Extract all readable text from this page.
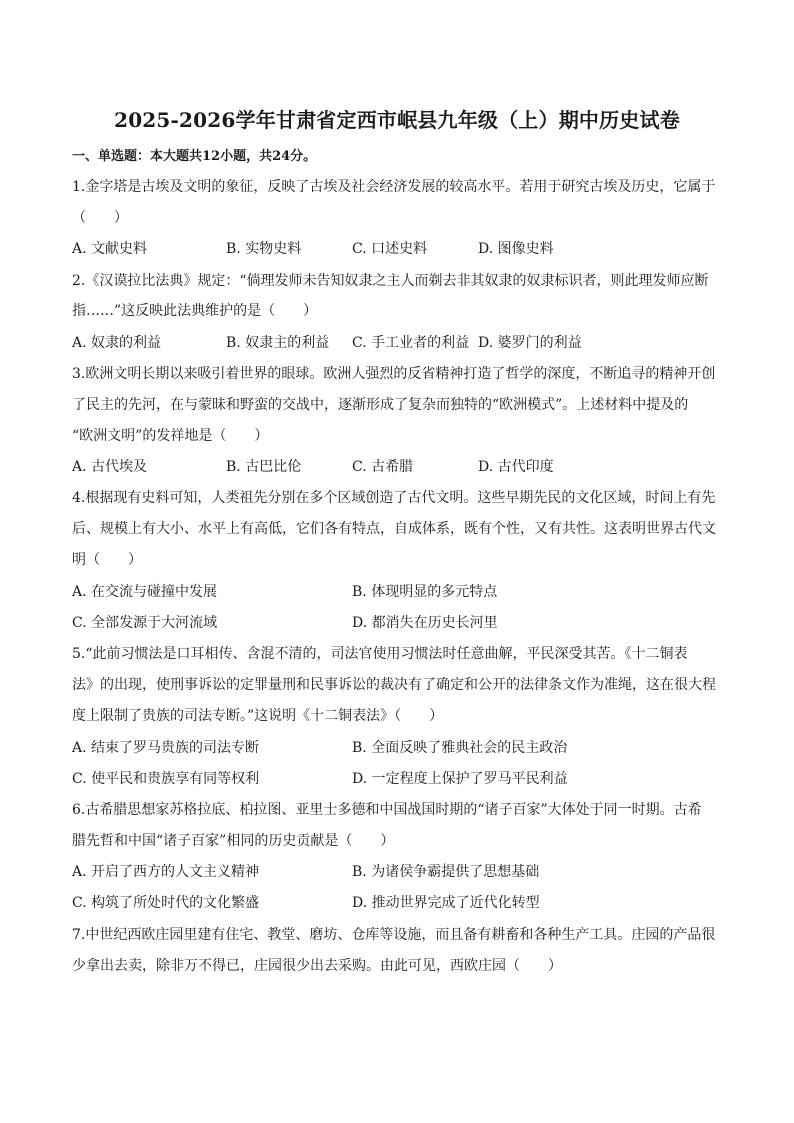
2025-2026学年甘肃省定西市岷县九年级（上）期中历史试卷
一、单选题：本大题共12小题，共24分。
1.金字塔是古埃及文明的象征，反映了古埃及社会经济发展的较高水平。若用于研究古埃及历史，它属于
（　　）
A. 文献史料	B. 实物史料	C. 口述史料	D. 图像史料
2.《汉谟拉比法典》规定：“倘理发师未告知奴隶之主人而剃去非其奴隶的奴隶标识者，则此理发师应断
指……”这反映此法典维护的是（　　）
A. 奴隶的利益	B. 奴隶主的利益 C. 手工业者的利益 D. 婆罗门的利益
3.欧洲文明长期以来吸引着世界的眼球。欧洲人强烈的反省精神打造了哲学的深度，不断追寻的精神开创
了民主的先河，在与蒙昧和野蛮的交战中，逐渐形成了复杂而独特的“欧洲模式”。上述材料中提及的
“欧洲文明”的发祥地是（　　）
A. 古代埃及	B. 古巴比伦	C. 古希腊	D. 古代印度
4.根据现有史料可知，人类祖先分别在多个区域创造了古代文明。这些早期先民的文化区域，时间上有先
后、规模上有大小、水平上有高低，它们各有特点，自成体系，既有个性，又有共性。这表明世界古代文
明（　　）
A. 在交流与碰撞中发展	B. 体现明显的多元特点
C. 全部发源于大河流域	D. 都消失在历史长河里
5.“此前习惯法是口耳相传、含混不清的，司法官使用习惯法时任意曲解，平民深受其苦。《十二铜表
法》的出现，使刑事诉讼的定罪量刑和民事诉讼的裁决有了确定和公开的法律条文作为准绳，这在很大程
度上限制了贵族的司法专断。”这说明《十二铜表法》（　　）
A. 结束了罗马贵族的司法专断	B. 全面反映了雅典社会的民主政治
C. 使平民和贵族享有同等权利	D. 一定程度上保护了罗马平民利益
6.古希腊思想家苏格拉底、柏拉图、亚里士多德和中国战国时期的“诸子百家”大体处于同一时期。古希
腊先哲和中国“诸子百家”相同的历史贡献是（　　）
A. 开启了西方的人文主义精神	B. 为诸侯争霸提供了思想基础
C. 构筑了所处时代的文化繁盛	D. 推动世界完成了近代化转型
7.中世纪西欧庄园里建有住宅、教堂、磨坊、仓库等设施，而且备有耕畜和各种生产工具。庄园的产品很
少拿出去卖，除非万不得已，庄园很少出去采购。由此可见，西欧庄园（　　）
